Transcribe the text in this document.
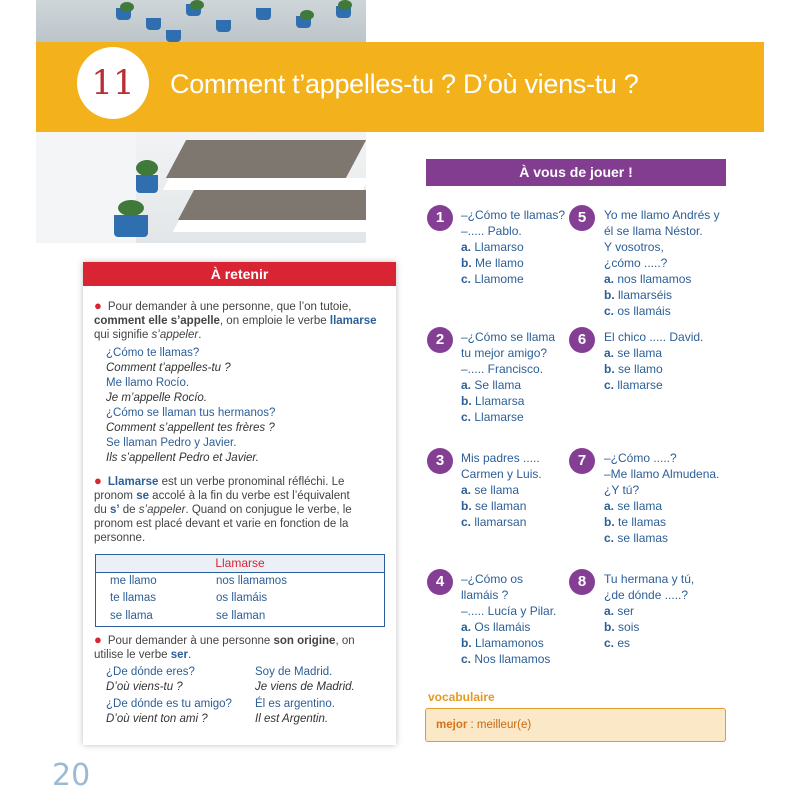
11	Comment t’appelles-tu ? D’où viens-tu ?
À retenir
● Pour demander à une personne, que l’on tutoie,
comment elle s’appelle, on emploie le verbe llamarse
qui signifie s’appeler.
¿Cómo te llamas?
Comment t’appelles-tu ?
Me llamo Rocío.
Je m’appelle Rocío.
¿Cómo se llaman tus hermanos?
Comment s’appellent tes frères ?
Se llaman Pedro y Javier.
Ils s’appellent Pedro et Javier.
● Llamarse est un verbe pronominal réfléchi. Le
pronom se accolé à la fin du verbe est l’équivalent
du s’ de s’appeler. Quand on conjugue le verbe, le
pronom est placé devant et varie en fonction de la
personne.
Llamarse
me llamo	nos llamamos
te llamas	os llamáis
se llama	se llaman
● Pour demander à une personne son origine, on
utilise le verbe ser.
¿De dónde eres?
D’où viens-tu ?
Soy de Madrid.
Je viens de Madrid.
¿De dónde es tu amigo?
D’où vient ton ami ?
Él es argentino.
Il est Argentin.
À vous de jouer !
1	–¿Cómo te llamas?
–..... Pablo.
a. Llamarso
b. Me llamo
c. Llamome
2	–¿Cómo se llama
tu mejor amigo?
–..... Francisco.
a. Se llama
b. Llamarsa
c. Llamarse
3	Mis padres .....
Carmen y Luis.
a. se llama
b. se llaman
c. llamarsan
4	–¿Cómo os
llamáis ?
–..... Lucía y Pilar.
a. Os llamáis
b. Llamamonos
c. Nos llamamos
5	Yo me llamo Andrés y
él se llama Néstor.
Y vosotros,
¿cómo .....?
a. nos llamamos
b. llamarséis
c. os llamáis
6	El chico ..... David.
a. se llama
b. se llamo
c. llamarse
7	–¿Cómo .....?
–Me llamo Almudena.
¿Y tú?
a. se llama
b. te llamas
c. se llamas
8	Tu hermana y tú,
¿de dónde .....?
a. ser
b. sois
c. es
vocabulaire
mejor : meilleur(e)
20
